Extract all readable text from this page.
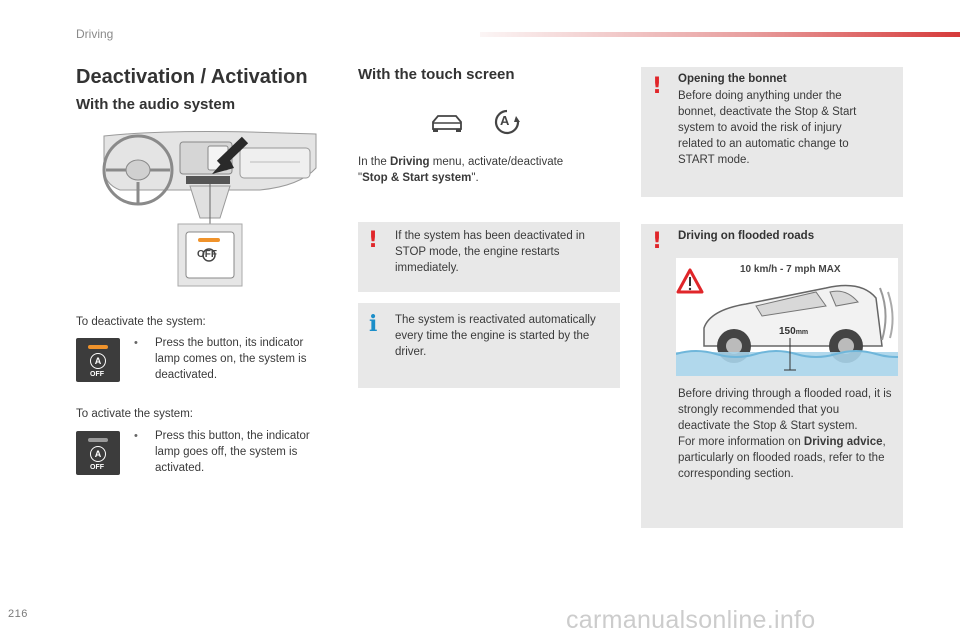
Driving
Deactivation / Activation
With the audio system
OFF
To deactivate the system:
A
OFF
• Press the button, its indicator lamp comes on, the system is deactivated.
To activate the system:
A
OFF
• Press this button, the indicator lamp goes off, the system is activated.
With the touch screen
A
In the Driving menu, activate/deactivate
"Stop & Start system".
! If the system has been deactivated in STOP mode, the engine restarts immediately.
i The system is reactivated automatically every time the engine is started by the driver.
! Opening the bonnet
Before doing anything under the bonnet, deactivate the Stop & Start system to avoid the risk of injury related to an automatic change to START mode.
! Driving on flooded roads
10 km/h - 7 mph MAX
150mm
Before driving through a flooded road, it is strongly recommended that you deactivate the Stop & Start system.
For more information on Driving advice, particularly on flooded roads, refer to the corresponding section.
216	carmanualsonline.info
